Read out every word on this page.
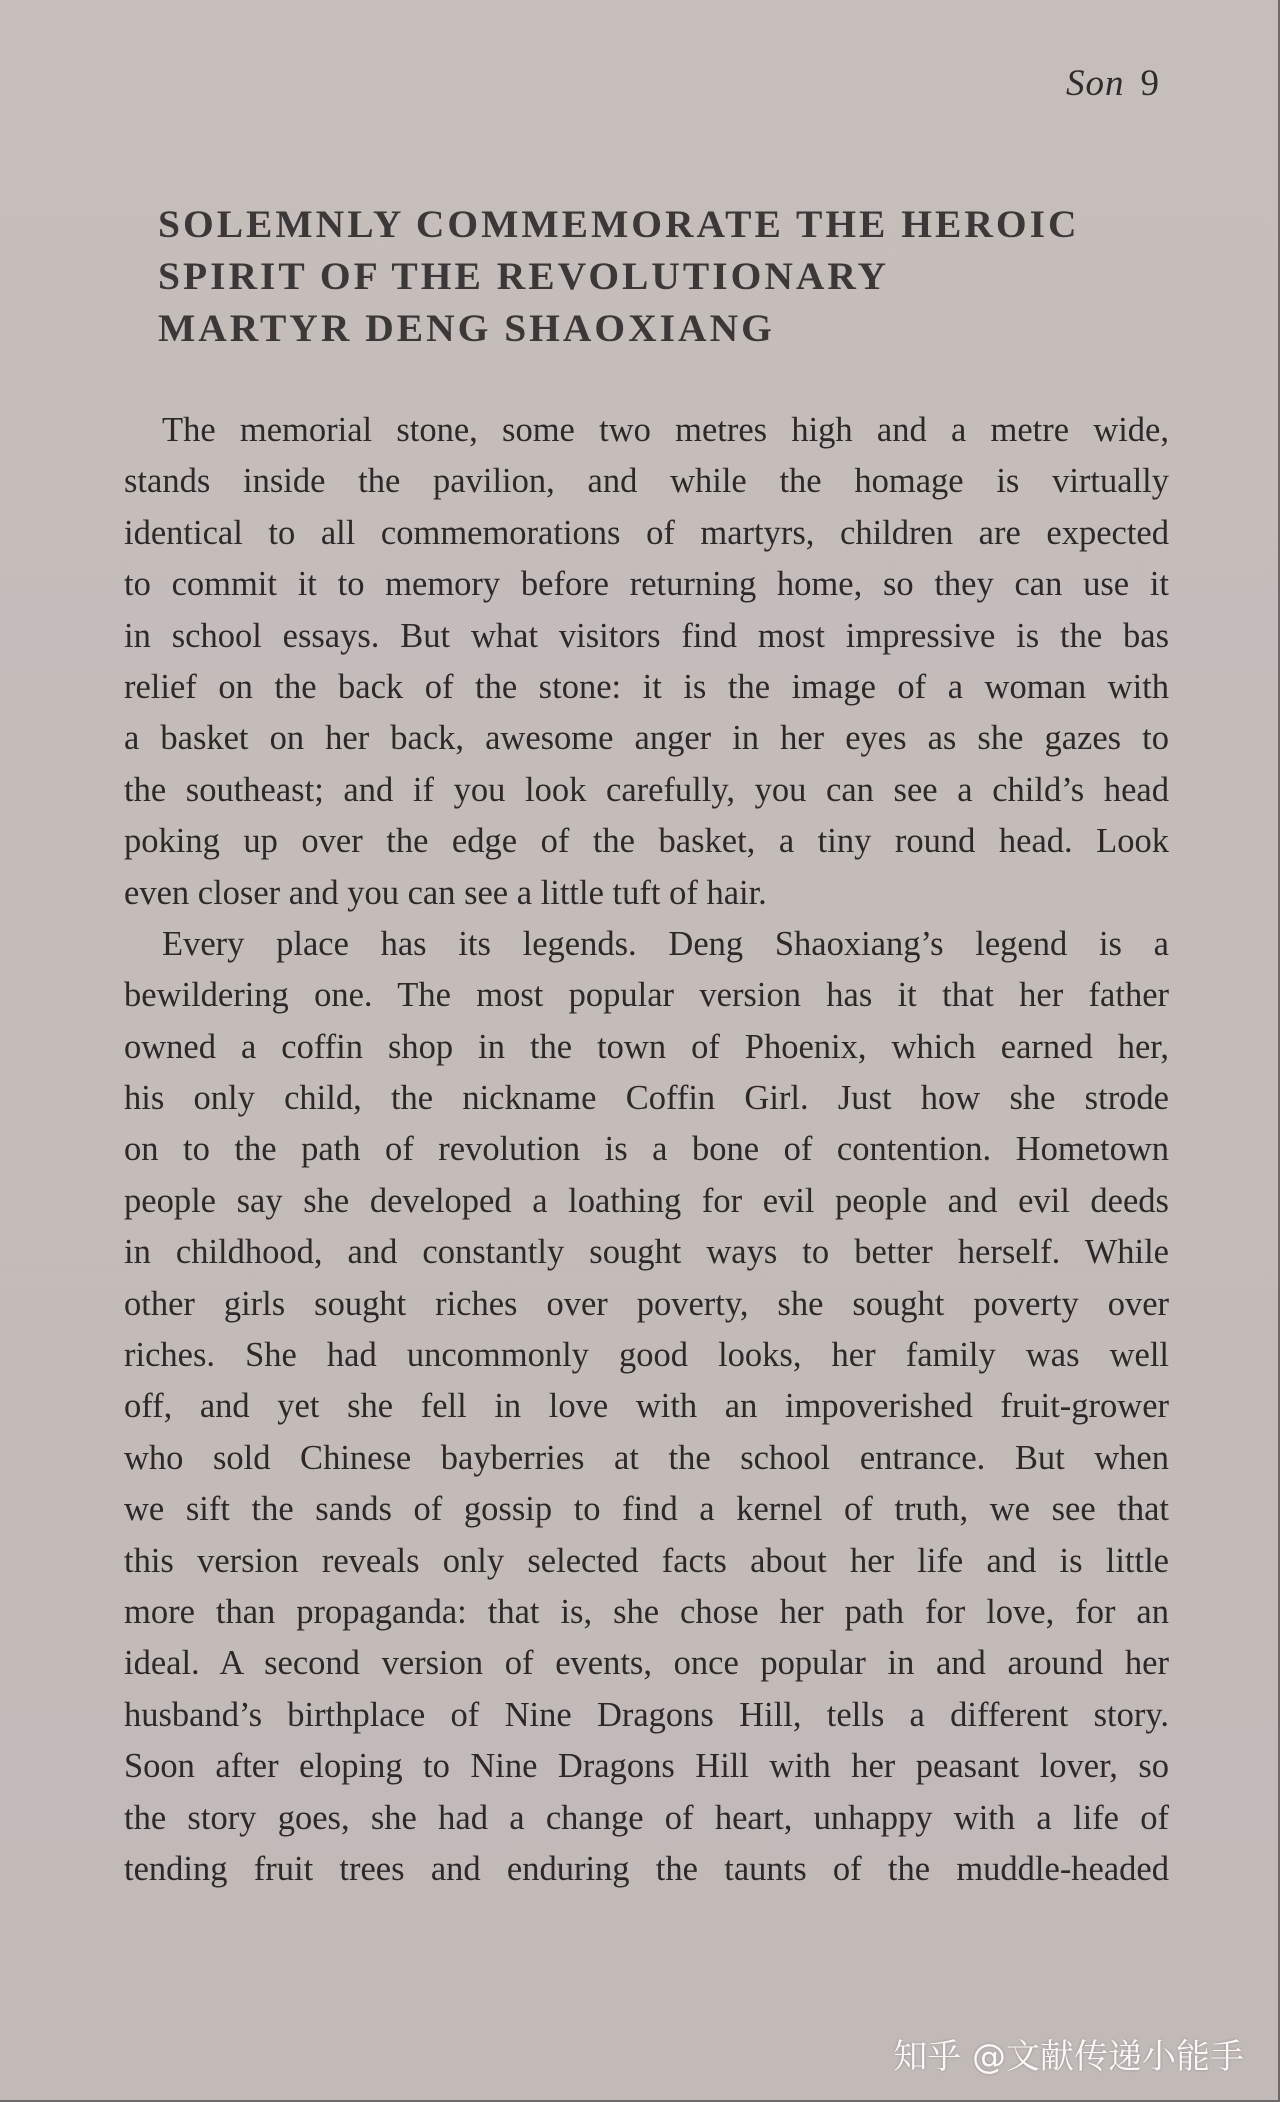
Son 9
SOLEMNLY COMMEMORATE THE HEROIC
SPIRIT OF THE REVOLUTIONARY
MARTYR DENG SHAOXIANG
The memorial stone, some two metres high and a metre wide,
stands inside the pavilion, and while the homage is virtually
identical to all commemorations of martyrs, children are expected
to commit it to memory before returning home, so they can use it
in school essays. But what visitors find most impressive is the bas
relief on the back of the stone: it is the image of a woman with
a basket on her back, awesome anger in her eyes as she gazes to
the southeast; and if you look carefully, you can see a child’s head
poking up over the edge of the basket, a tiny round head. Look
even closer and you can see a little tuft of hair.
Every place has its legends. Deng Shaoxiang’s legend is a
bewildering one. The most popular version has it that her father
owned a coffin shop in the town of Phoenix, which earned her,
his only child, the nickname Coffin Girl. Just how she strode
on to the path of revolution is a bone of contention. Hometown
people say she developed a loathing for evil people and evil deeds
in childhood, and constantly sought ways to better herself. While
other girls sought riches over poverty, she sought poverty over
riches. She had uncommonly good looks, her family was well
off, and yet she fell in love with an impoverished fruit-grower
who sold Chinese bayberries at the school entrance. But when
we sift the sands of gossip to find a kernel of truth, we see that
this version reveals only selected facts about her life and is little
more than propaganda: that is, she chose her path for love, for an
ideal. A second version of events, once popular in and around her
husband’s birthplace of Nine Dragons Hill, tells a different story.
Soon after eloping to Nine Dragons Hill with her peasant lover, so
the story goes, she had a change of heart, unhappy with a life of
tending fruit trees and enduring the taunts of the muddle-headed
知乎 @文献传递小能手
